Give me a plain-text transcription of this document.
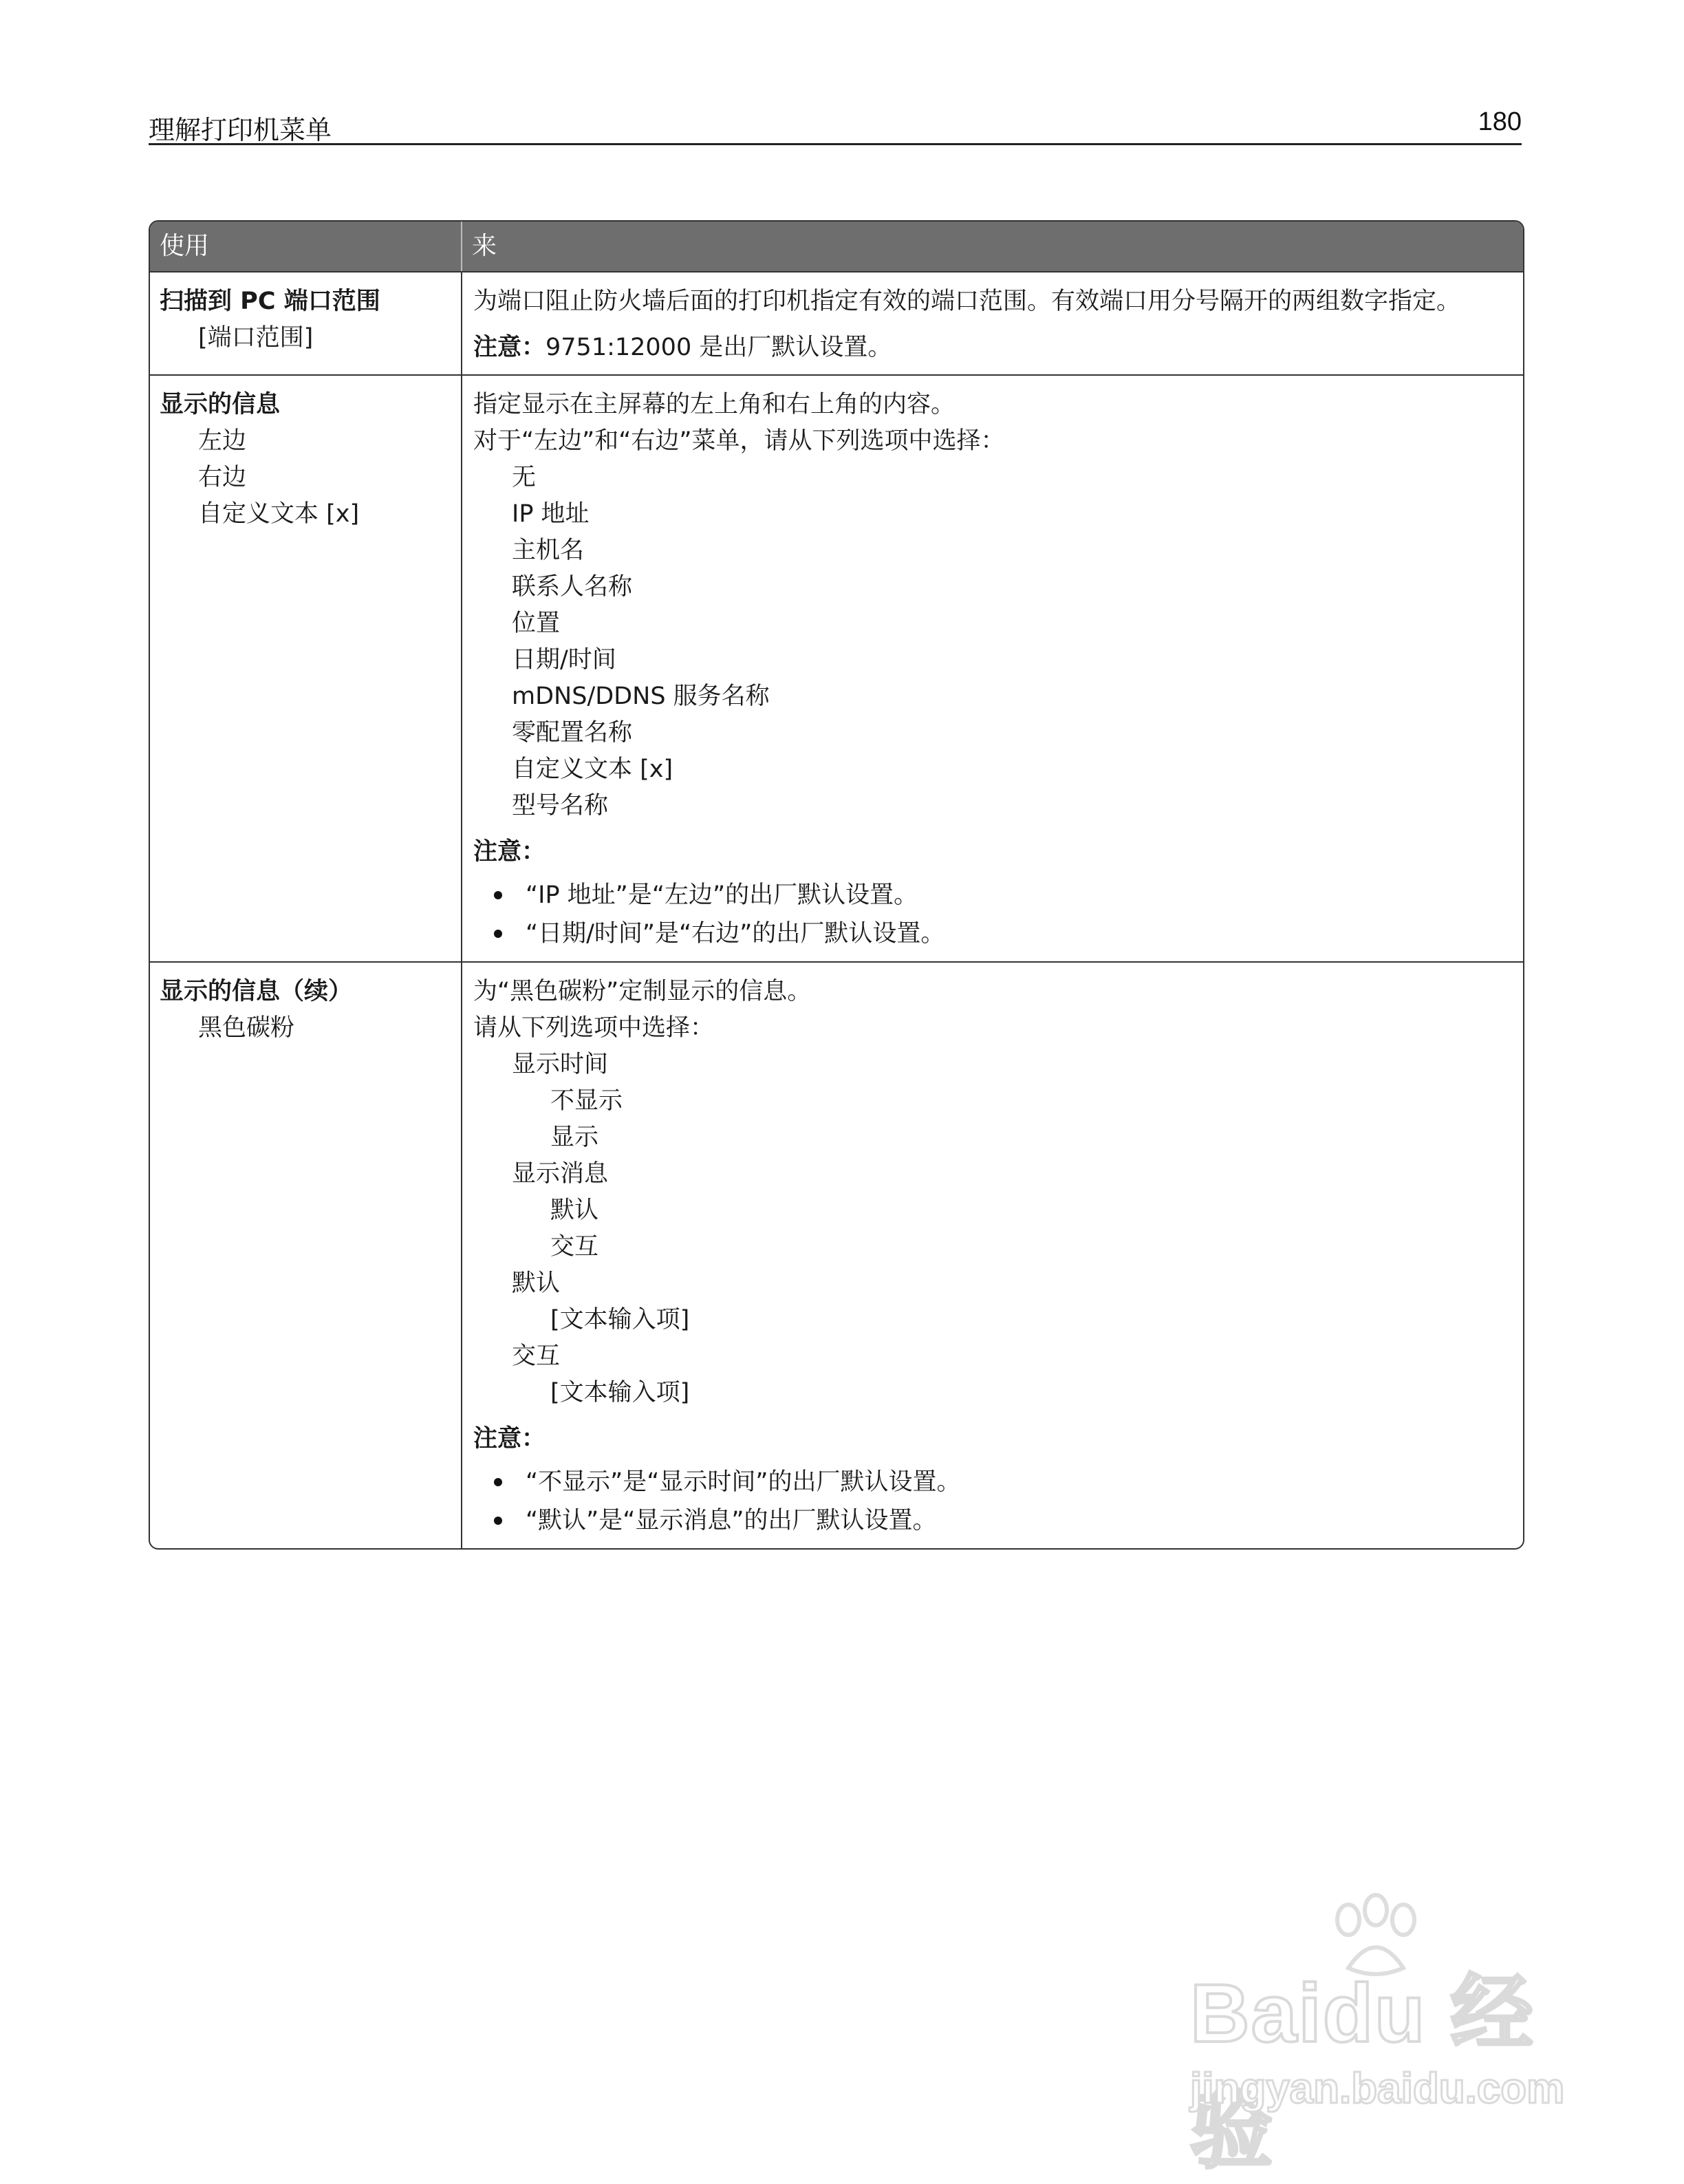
理解打印机菜单	180
使用	来
扫描到 PC 端口范围
[端口范围]
为端口阻止防火墙后面的打印机指定有效的端口范围。有效端口用分号隔开的两组数字指定。
注意：9751:12000 是出厂默认设置。
显示的信息
左边
右边
自定义文本 [x]
指定显示在主屏幕的左上角和右上角的内容。
对于“左边”和“右边”菜单，请从下列选项中选择：
无
IP 地址
主机名
联系人名称
位置
日期/时间
mDNS/DDNS 服务名称
零配置名称
自定义文本 [x]
型号名称
注意：
“IP 地址”是“左边”的出厂默认设置。
“日期/时间”是“右边”的出厂默认设置。
显示的信息（续）
黑色碳粉
为“黑色碳粉”定制显示的信息。
请从下列选项中选择：
显示时间
不显示
显示
显示消息
默认
交互
默认
[文本输入项]
交互
[文本输入项]
注意：
“不显示”是“显示时间”的出厂默认设置。
“默认”是“显示消息”的出厂默认设置。
Baidu 经验
jingyan.baidu.com
